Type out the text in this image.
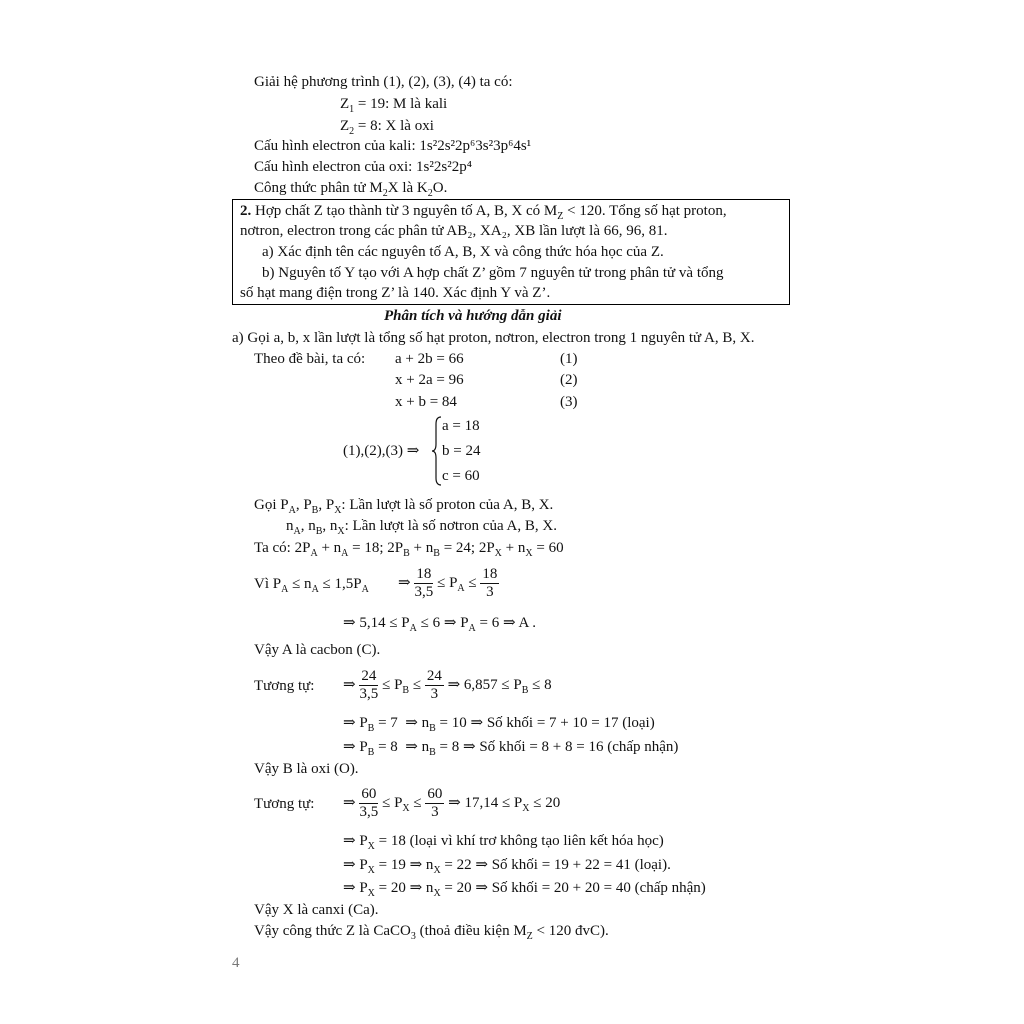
Giải hệ phương trình (1), (2), (3), (4) ta có:
$Z_1 = 19$: M là kali
$Z_2 = 8$: X là oxi
Cấu hình electron của kali: 1s²2s²2p⁶3s²3p⁶4s¹
Cấu hình electron của oxi: 1s²2s²2p⁴
Công thức phân tử $M_2X$ là $K_2O$.
2. Hợp chất Z tạo thành từ 3 nguyên tố A, B, X có $M_Z < 120$. Tổng số hạt proton,
nơtron, electron trong các phân tử AB₂, XA₂, XB lần lượt là 66, 96, 81.
a) Xác định tên các nguyên tố A, B, X và công thức hóa học của Z.
b) Nguyên tố Y tạo với A hợp chất Z’ gồm 7 nguyên tử trong phân tử và tổng
số hạt mang điện trong Z’ là 140. Xác định Y và Z’.
Phân tích và hướng dẫn giải
a) Gọi a, b, x lần lượt là tổng số hạt proton, nơtron, electron trong 1 nguyên tử A, B, X.
Theo đề bài, ta có: a + 2b = 66	(1)
x + 2a = 96	(2)
x + b = 84	(3)
(1),(2),(3) ⇒
a = 18
b = 24
c = 60
Gọi $P_A$, $P_B$, $P_X$: Lần lượt là số proton của A, B, X.
$n_A$, $n_B$, $n_X$: Lần lượt là số nơtron của A, B, X.
Ta có: $2P_A + n_A = 18$; $2P_B + n_B = 24$; $2P_X + n_X = 60$
Vì $P_A \le n_A \le 1,5P_A$ ⇒ $\frac{18}{3,5} \le P_A \le \frac{18}{3}$
⇒ $5,14 \le P_A \le 6$ ⇒ $P_A = 6$ ⇒ A .
Vậy A là cacbon (C).
Tương tự: ⇒ $\frac{24}{3,5} \le P_B \le \frac{24}{3}$ ⇒ $6,857 \le P_B \le 8$
⇒ $P_B = 7$  ⇒ $n_B = 10$ ⇒ Số khối = 7 + 10 = 17 (loại)
⇒ $P_B = 8$  ⇒ $n_B = 8$ ⇒ Số khối = 8 + 8 = 16 (chấp nhận)
Vậy B là oxi (O).
Tương tự: ⇒ $\frac{60}{3,5} \le P_X \le \frac{60}{3}$ ⇒ $17,14 \le P_X \le 20$
⇒ $P_X = 18$ (loại vì khí trơ không tạo liên kết hóa học)
⇒ $P_X = 19$ ⇒ $n_X = 22$ ⇒ Số khối = 19 + 22 = 41 (loại).
⇒ $P_X = 20$ ⇒ $n_X = 20$ ⇒ Số khối = 20 + 20 = 40 (chấp nhận)
Vậy X là canxi (Ca).
Vậy công thức Z là CaCO$_3$ (thoả điều kiện $M_Z < 120$ đvC).
4
